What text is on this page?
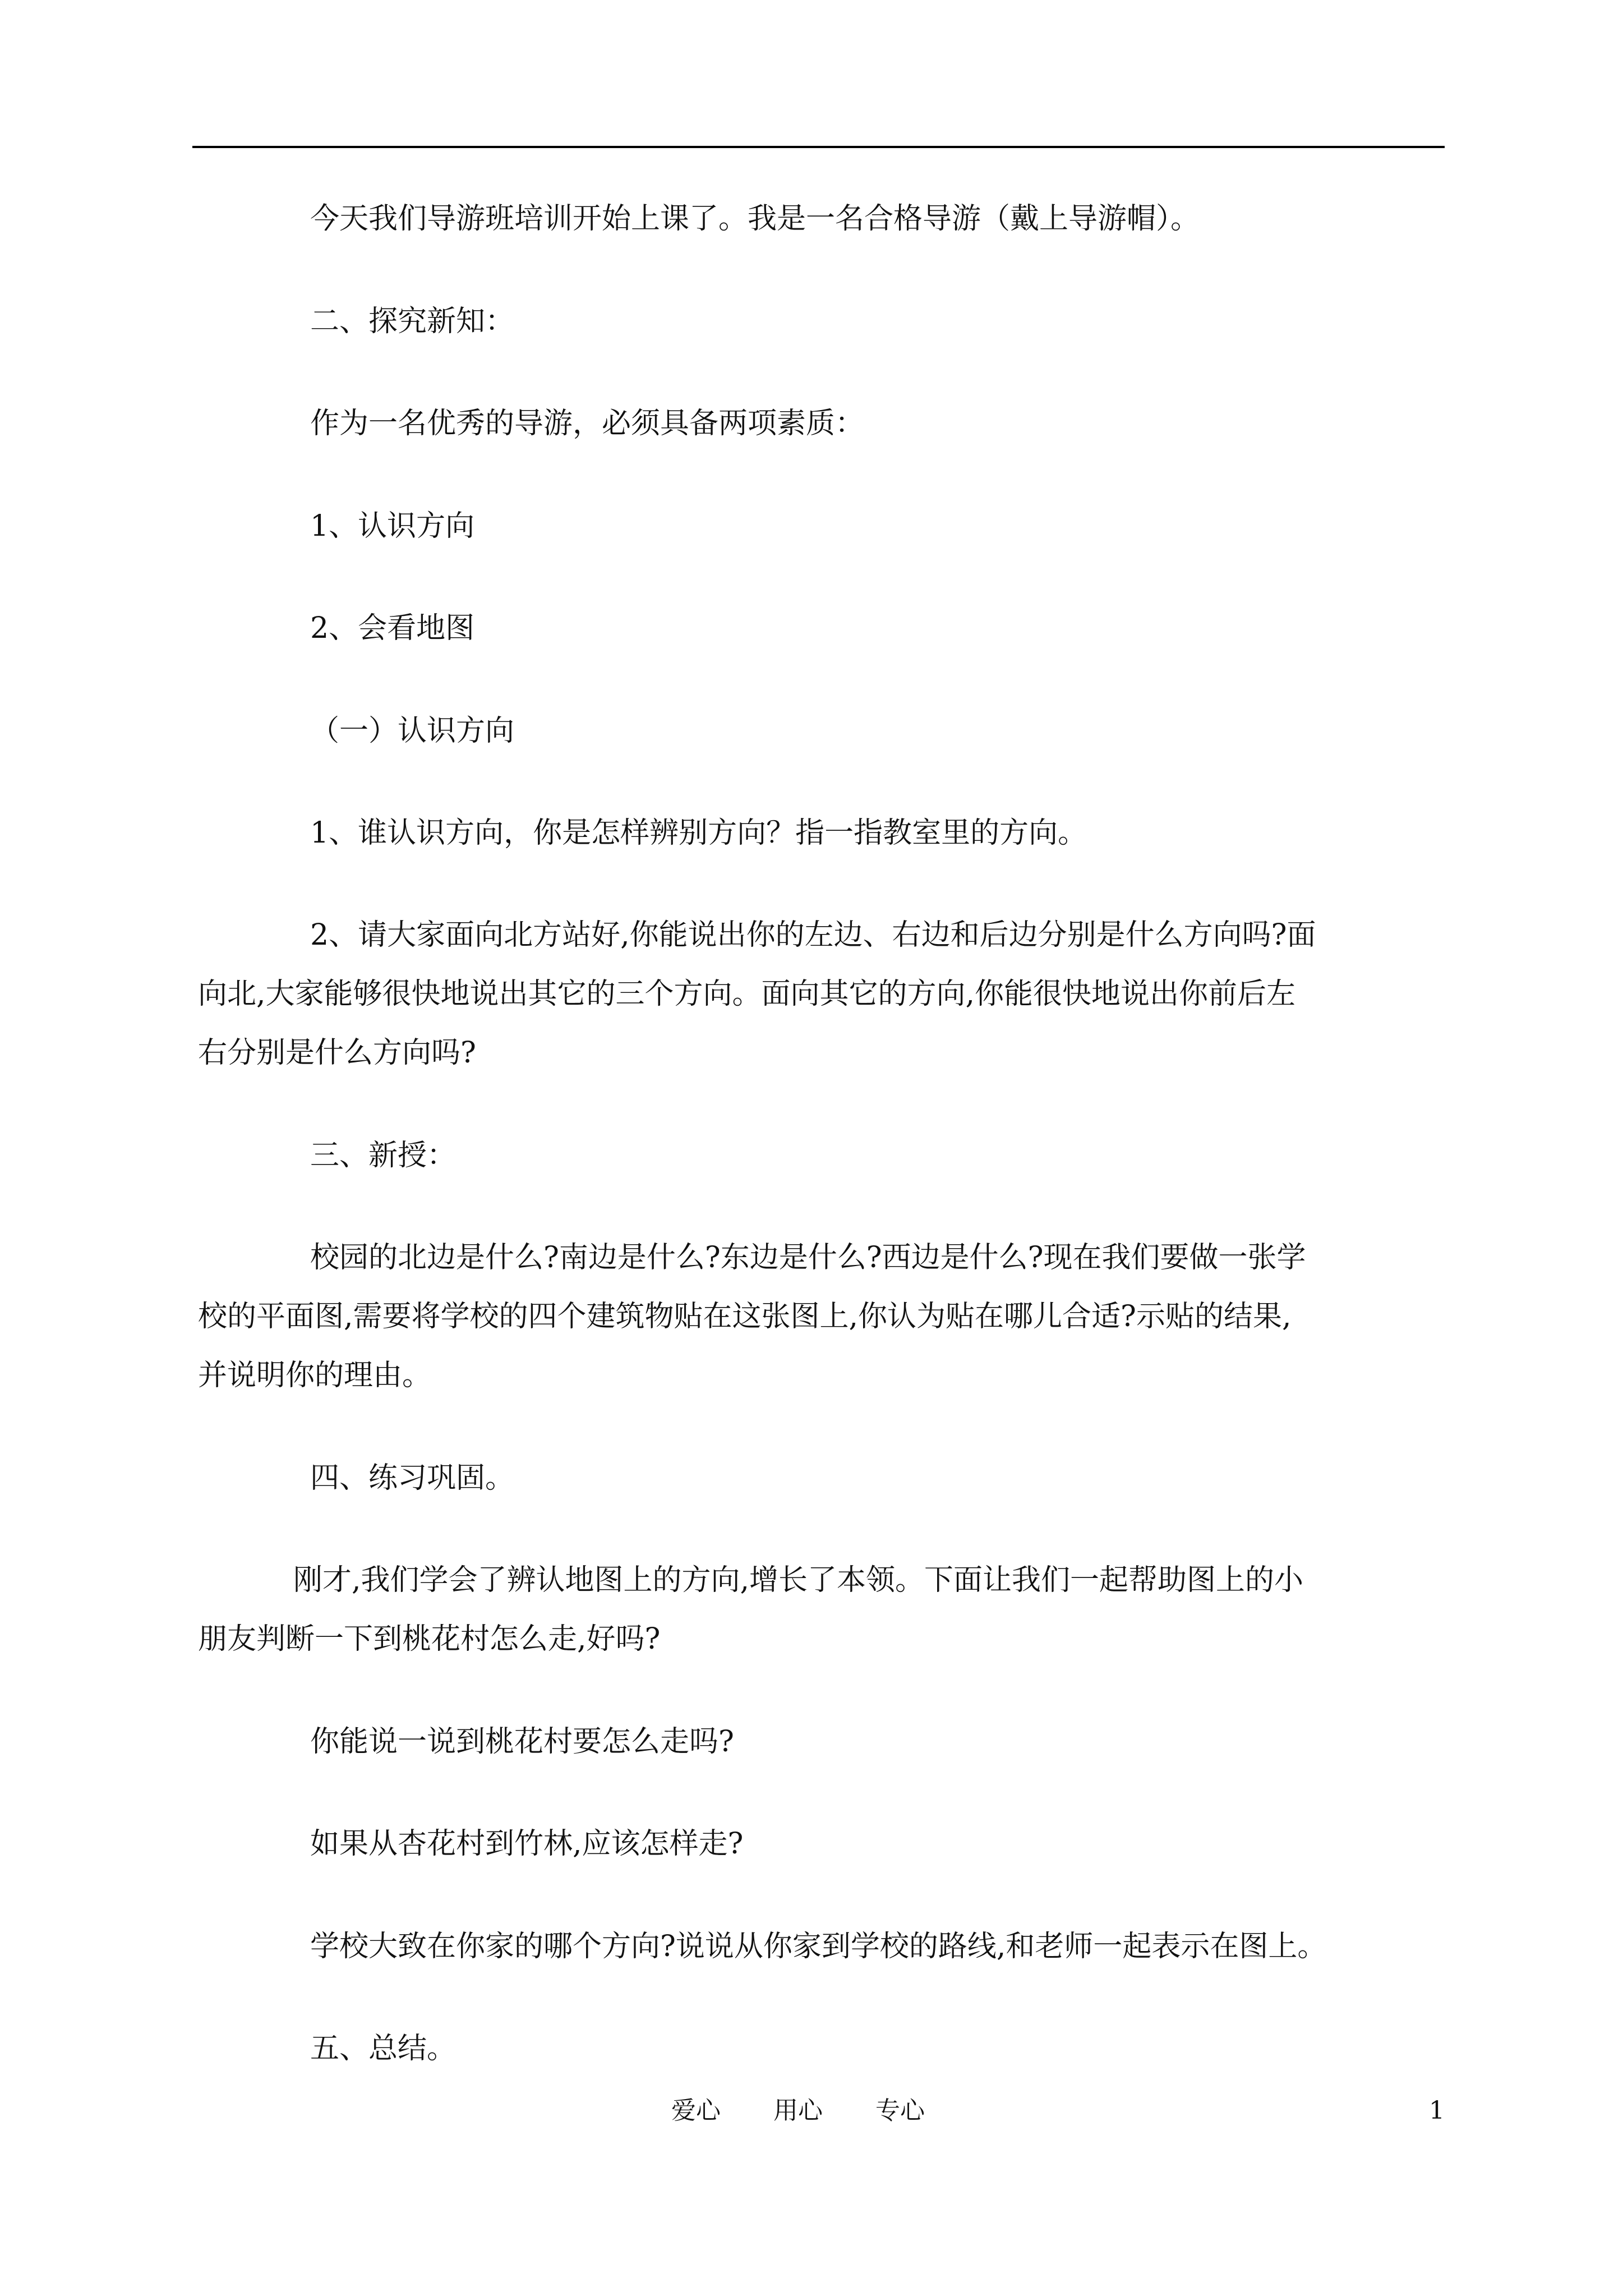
今天我们导游班培训开始上课了。我是一名合格导游（戴上导游帽）。

二、探究新知：

作为一名优秀的导游，必须具备两项素质：

1、认识方向

2、会看地图

（一）认识方向

1、谁认识方向，你是怎样辨别方向？指一指教室里的方向。

2、请大家面向北方站好,你能说出你的左边、右边和后边分别是什么方向吗?面

向北,大家能够很快地说出其它的三个方向。面向其它的方向,你能很快地说出你前后左

右分别是什么方向吗?

三、新授：

校园的北边是什么?南边是什么?东边是什么?西边是什么?现在我们要做一张学

校的平面图,需要将学校的四个建筑物贴在这张图上,你认为贴在哪儿合适?示贴的结果,

并说明你的理由。

四、练习巩固。

刚才,我们学会了辨认地图上的方向,增长了本领。下面让我们一起帮助图上的小

朋友判断一下到桃花村怎么走,好吗?

你能说一说到桃花村要怎么走吗?

如果从杏花村到竹林,应该怎样走?

学校大致在你家的哪个方向?说说从你家到学校的路线,和老师一起表示在图上。

五、总结。

爱心 用心 专心	1
